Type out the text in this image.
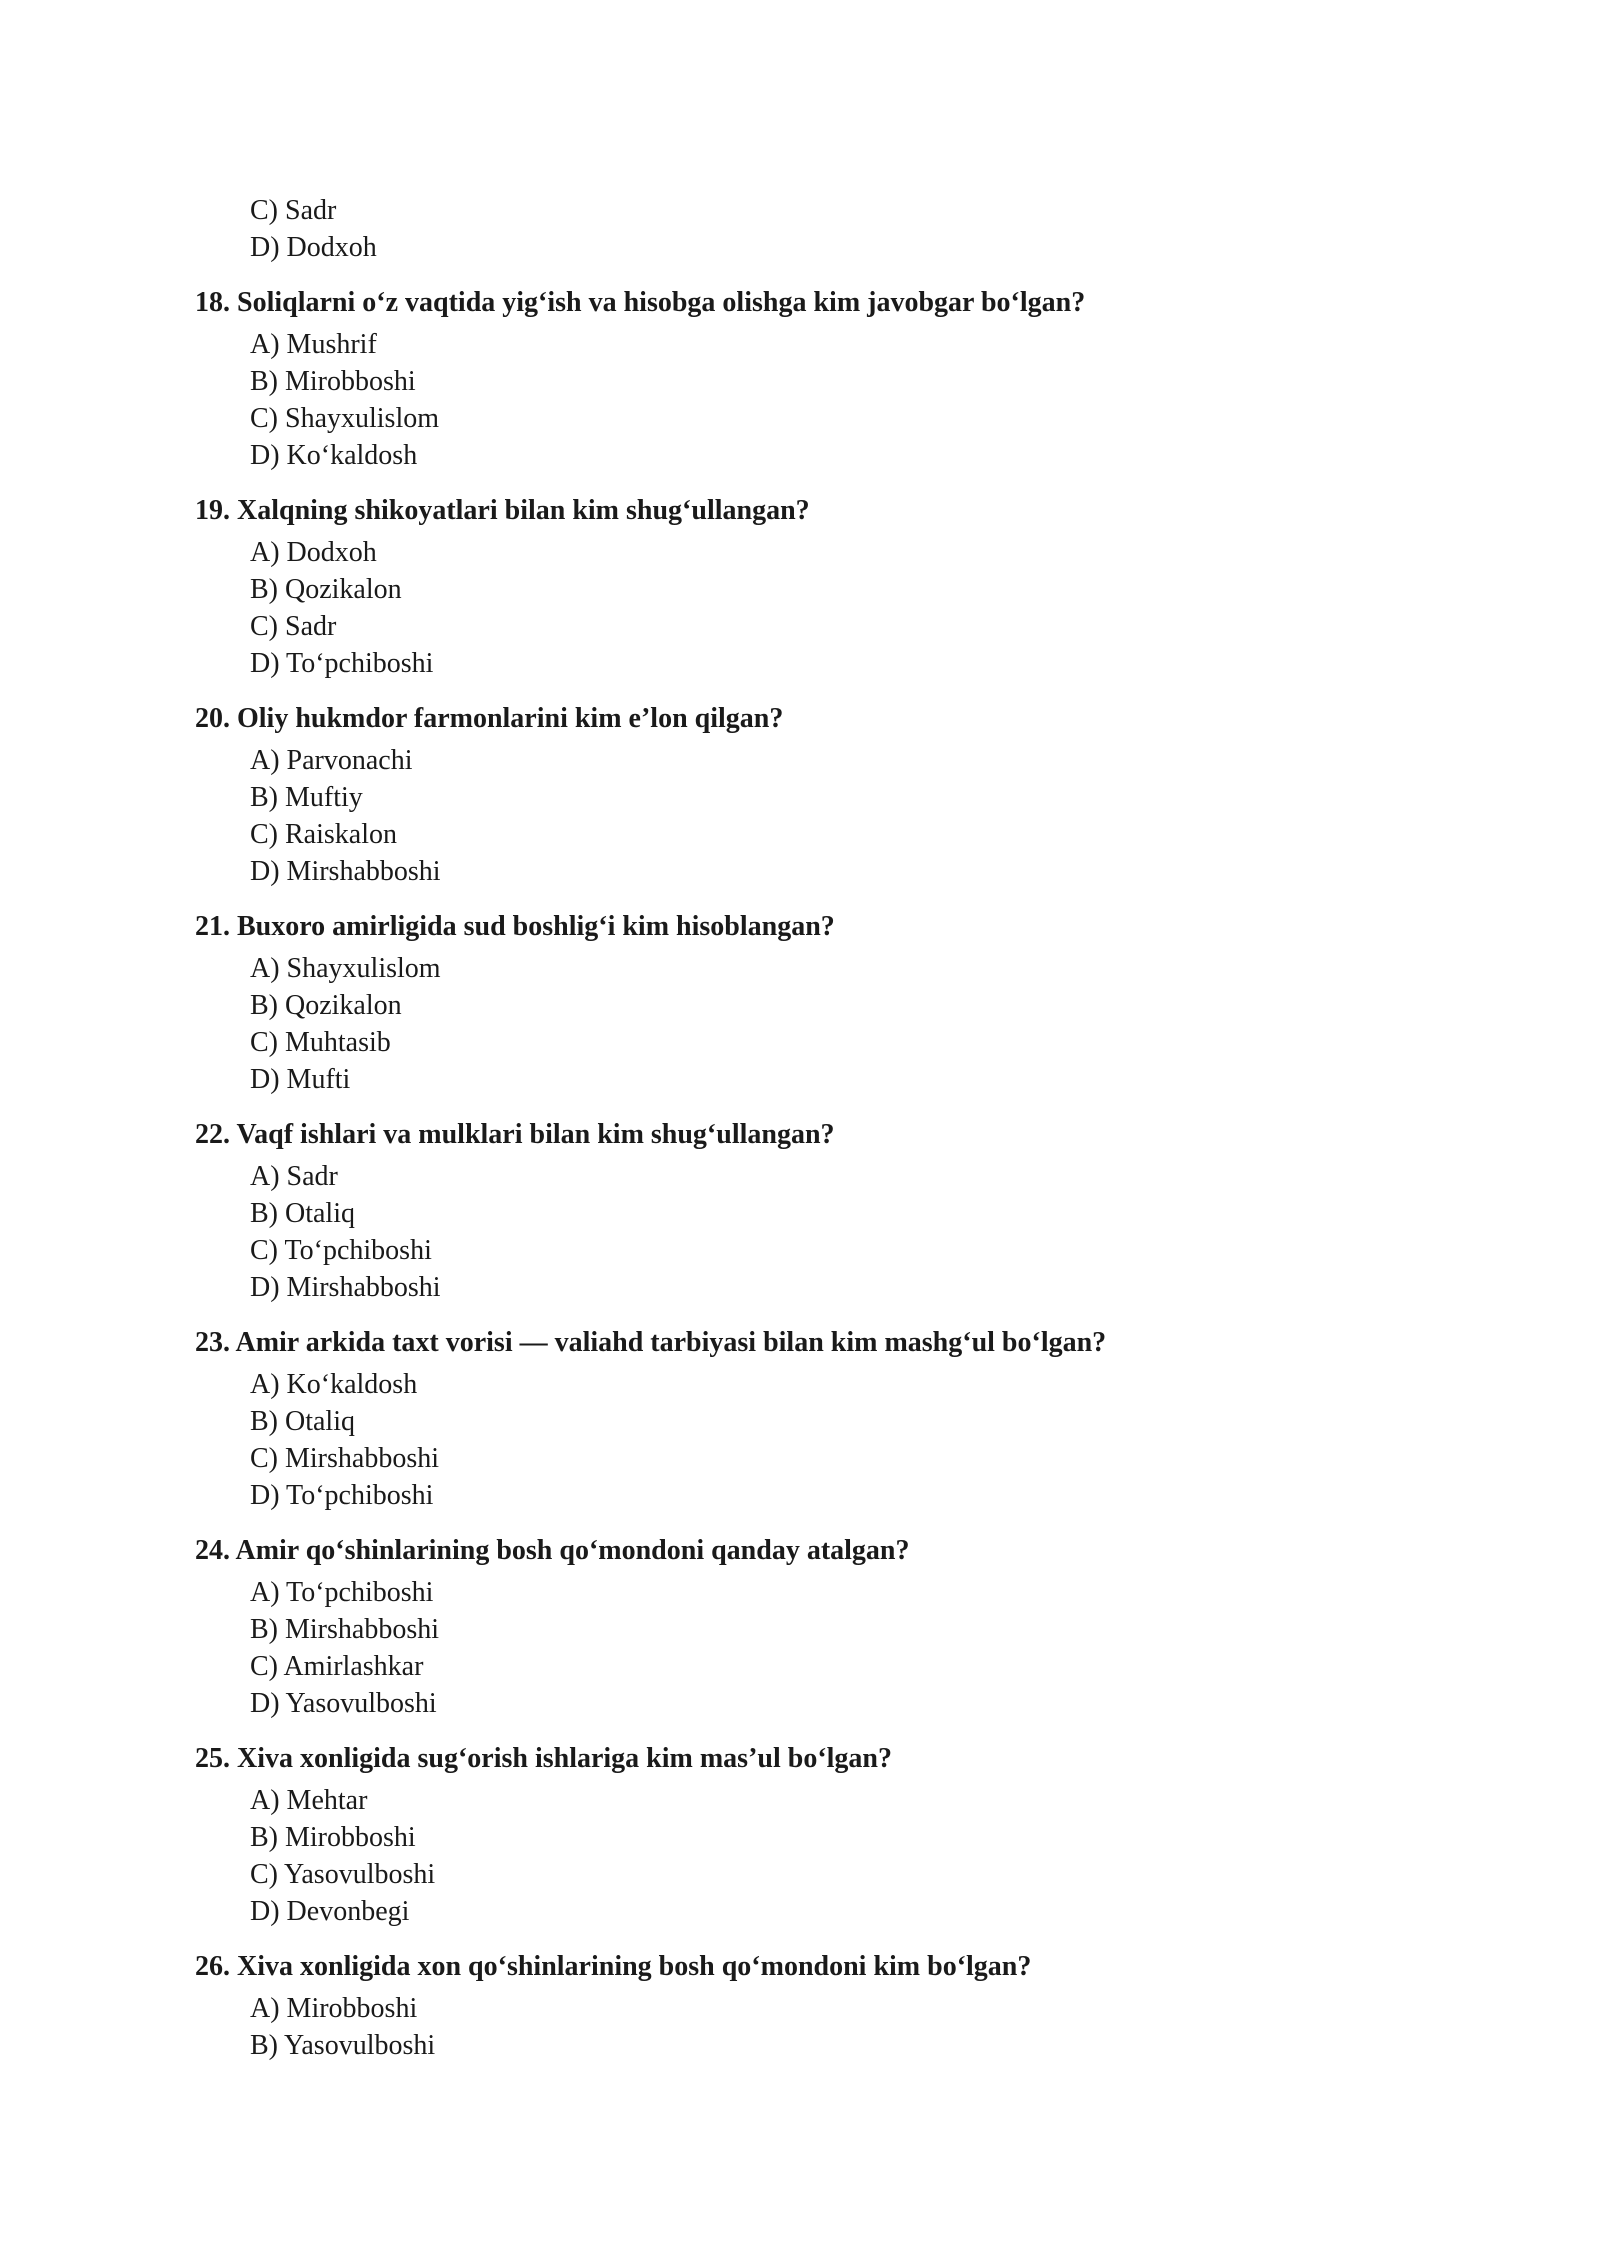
C) Sadr
D) Dodxoh
18. Soliqlarni o‘z vaqtida yig‘ish va hisobga olishga kim javobgar bo‘lgan?
A) Mushrif
B) Mirobboshi
C) Shayxulislom
D) Ko‘kaldosh
19. Xalqning shikoyatlari bilan kim shug‘ullangan?
A) Dodxoh
B) Qozikalon
C) Sadr
D) To‘pchiboshi
20. Oliy hukmdor farmonlarini kim e’lon qilgan?
A) Parvonachi
B) Muftiy
C) Raiskalon
D) Mirshabboshi
21. Buxoro amirligida sud boshlig‘i kim hisoblangan?
A) Shayxulislom
B) Qozikalon
C) Muhtasib
D) Mufti
22. Vaqf ishlari va mulklari bilan kim shug‘ullangan?
A) Sadr
B) Otaliq
C) To‘pchiboshi
D) Mirshabboshi
23. Amir arkida taxt vorisi — valiahd tarbiyasi bilan kim mashg‘ul bo‘lgan?
A) Ko‘kaldosh
B) Otaliq
C) Mirshabboshi
D) To‘pchiboshi
24. Amir qo‘shinlarining bosh qo‘mondoni qanday atalgan?
A) To‘pchiboshi
B) Mirshabboshi
C) Amirlashkar
D) Yasovulboshi
25. Xiva xonligida sug‘orish ishlariga kim mas’ul bo‘lgan?
A) Mehtar
B) Mirobboshi
C) Yasovulboshi
D) Devonbegi
26. Xiva xonligida xon qo‘shinlarining bosh qo‘mondoni kim bo‘lgan?
A) Mirobboshi
B) Yasovulboshi
